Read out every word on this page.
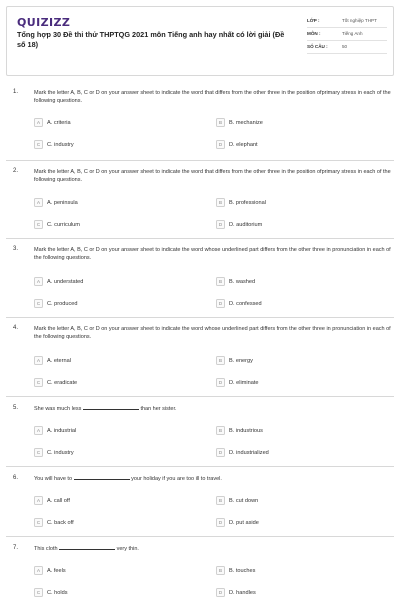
QUIZIZZ
Tổng hợp 30 Đề thi thử THPTQG 2021 môn Tiếng anh hay nhất có lời giải (Đề số 18)
LỚP :	Tốt nghiệp THPT
MÔN :	Tiếng Anh
SỐ CÂU :	50
1.	Mark the letter A, B, C or D on your answer sheet to indicate the word that differs from the other three in the position ofprimary stress in each of the following questions.
A	A. criteria	B	B. mechanize
C	C. industry	D	D. elephant
2.	Mark the letter A, B, C or D on your answer sheet to indicate the word that differs from the other three in the position ofprimary stress in each of the following questions.
A	A. peninsula	B	B. professional
C	C. curriculum	D	D. auditorium
3.	Mark the letter A, B, C or D on your answer sheet to indicate the word whose underlined part differs from the other three in pronunciation in each of the following questions.
A	A. understated	B	B. washed
C	C. produced	D	D. confessed
4.	Mark the letter A, B, C or D on your answer sheet to indicate the word whose underlined part differs from the other three in pronunciation in each of the following questions.
A	A. eternal	B	B. energy
C	C. eradicate	D	D. eliminate
5.	She was much less	than her sister.
A	A. industrial	B	B. industrious
C	C. industry	D	D. industrialized
6.	You will have to	your holiday if you are too ill to travel.
A	A. call off	B	B. cut down
C	C. back off	D	D. put aside
7.	This cloth	very thin.
A	A. feels	B	B. touches
C	C. holds	D	D. handles
